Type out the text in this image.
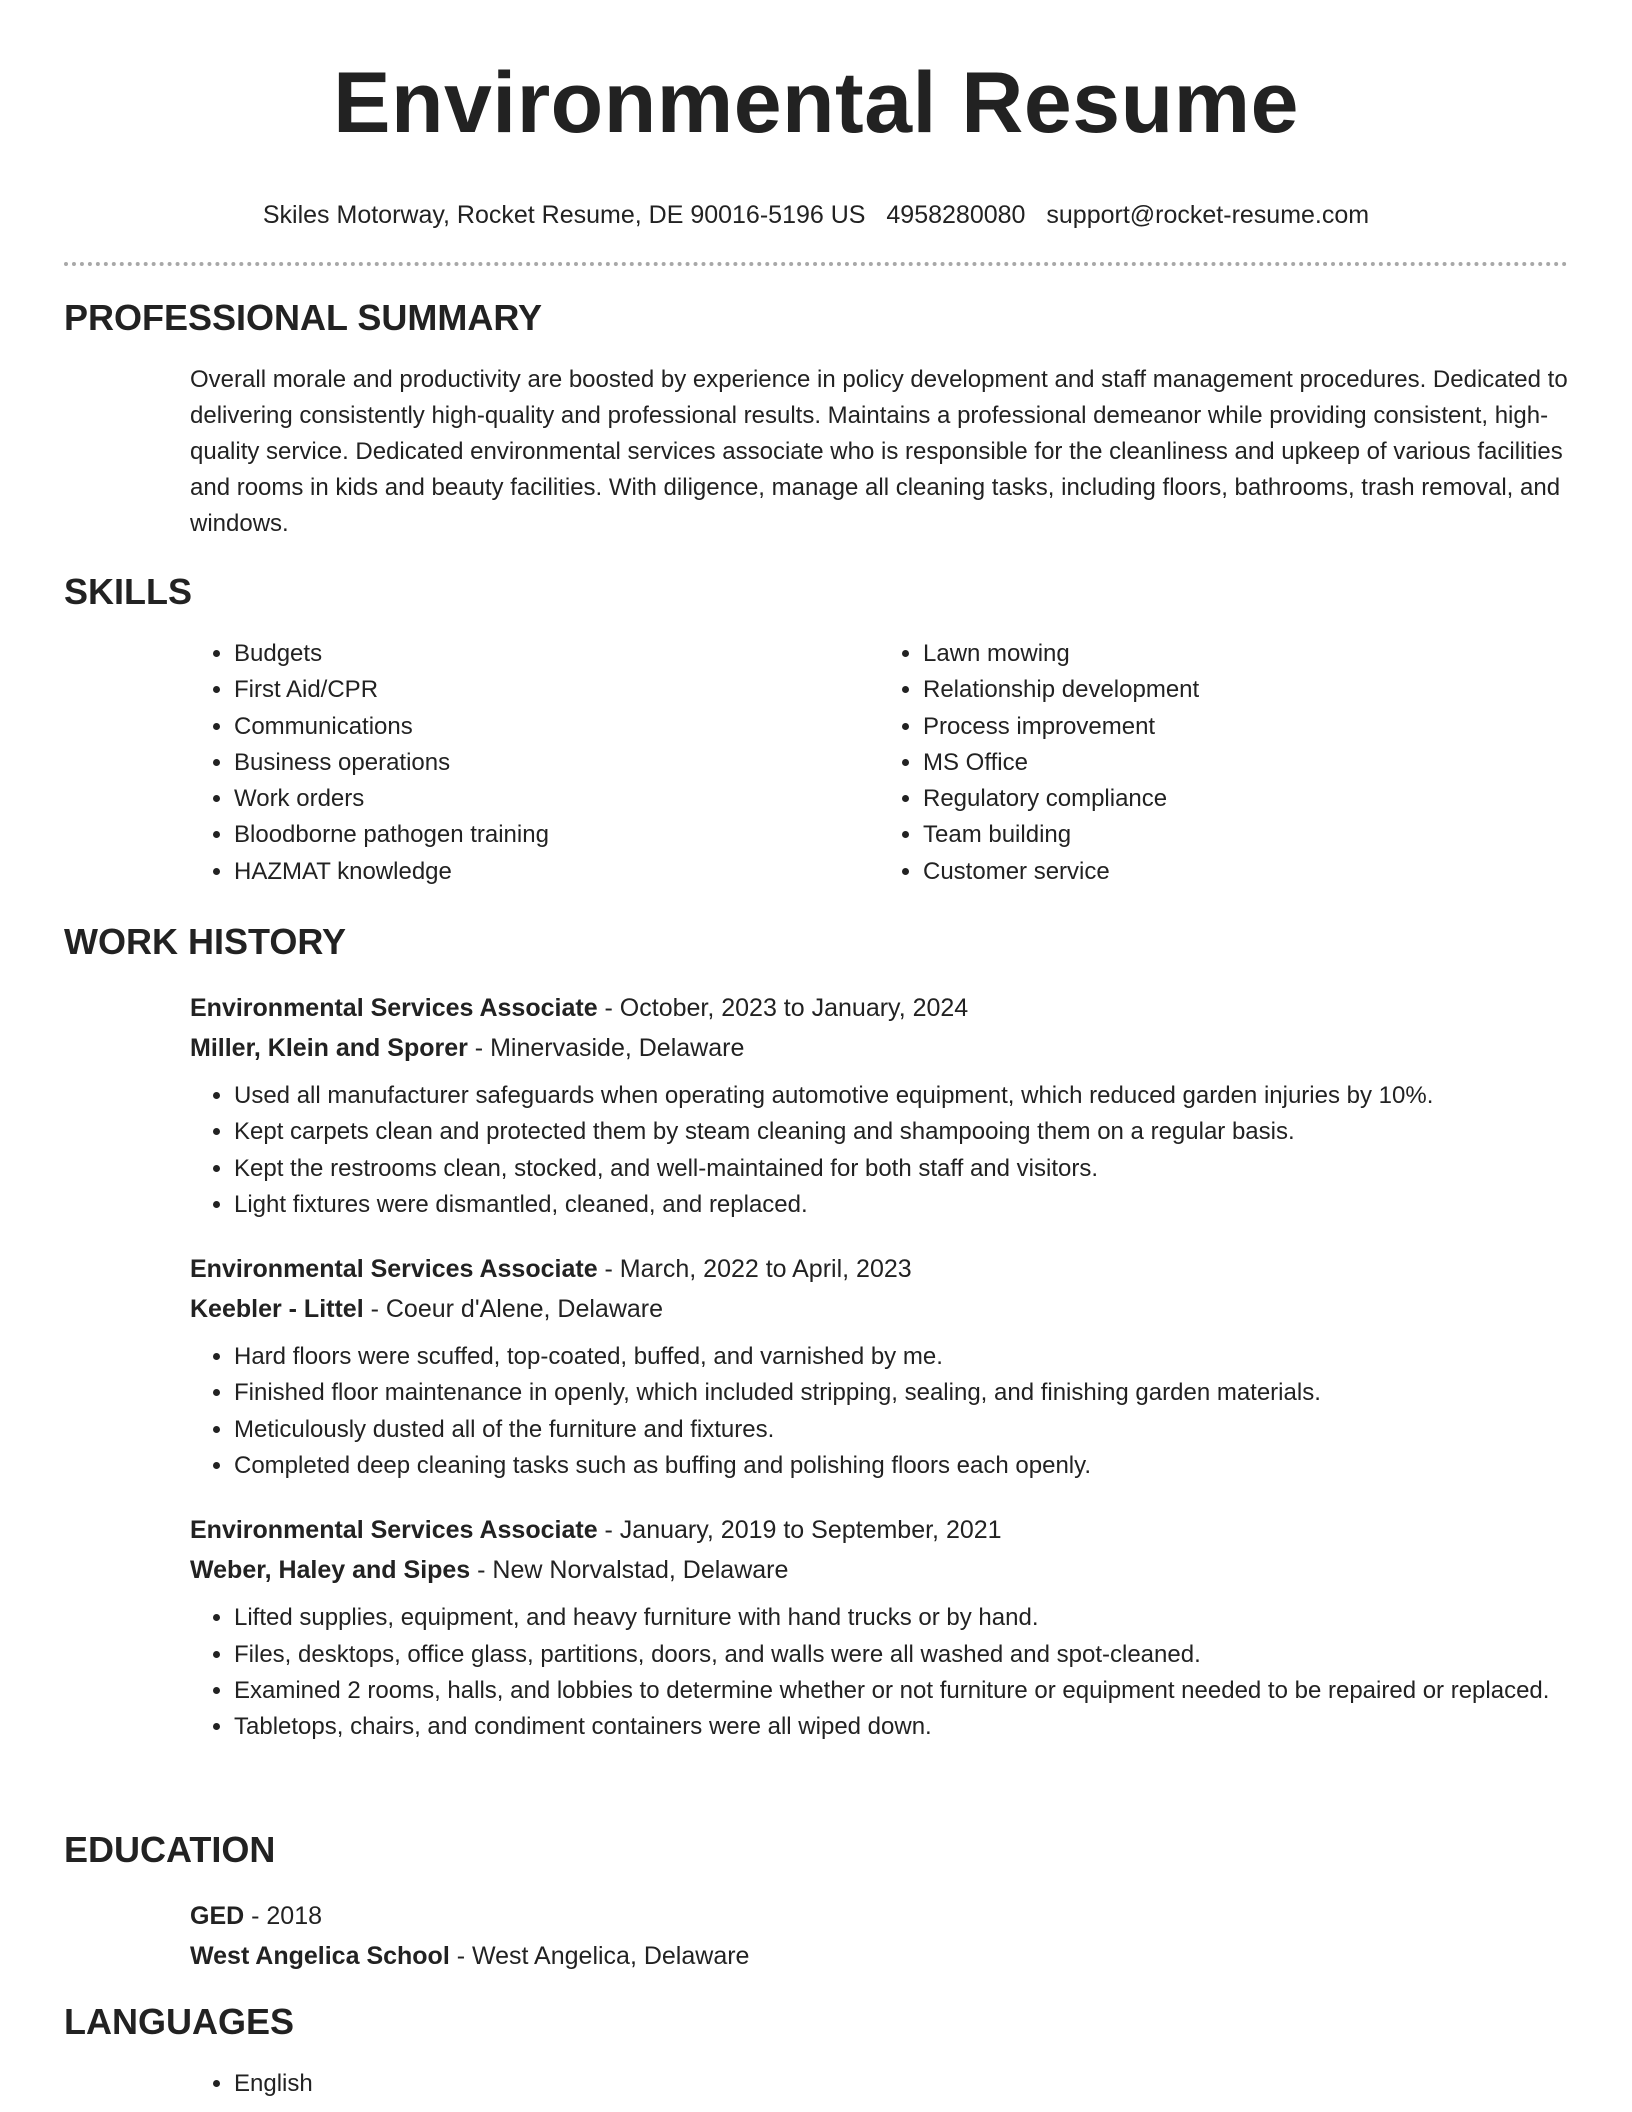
Environmental Resume
Skiles Motorway, Rocket Resume, DE 90016-5196 US 4958280080 support@rocket-resume.com
PROFESSIONAL SUMMARY
Overall morale and productivity are boosted by experience in policy development and staff management procedures. Dedicated to delivering consistently high-quality and professional results. Maintains a professional demeanor while providing consistent, high-quality service. Dedicated environmental services associate who is responsible for the cleanliness and upkeep of various facilities and rooms in kids and beauty facilities. With diligence, manage all cleaning tasks, including floors, bathrooms, trash removal, and windows.
SKILLS
• Budgets
• First Aid/CPR
• Communications
• Business operations
• Work orders
• Bloodborne pathogen training
• HAZMAT knowledge
• Lawn mowing
• Relationship development
• Process improvement
• MS Office
• Regulatory compliance
• Team building
• Customer service
WORK HISTORY
Environmental Services Associate - October, 2023 to January, 2024
Miller, Klein and Sporer - Minervaside, Delaware
• Used all manufacturer safeguards when operating automotive equipment, which reduced garden injuries by 10%.
• Kept carpets clean and protected them by steam cleaning and shampooing them on a regular basis.
• Kept the restrooms clean, stocked, and well-maintained for both staff and visitors.
• Light fixtures were dismantled, cleaned, and replaced.
Environmental Services Associate - March, 2022 to April, 2023
Keebler - Littel - Coeur d'Alene, Delaware
• Hard floors were scuffed, top-coated, buffed, and varnished by me.
• Finished floor maintenance in openly, which included stripping, sealing, and finishing garden materials.
• Meticulously dusted all of the furniture and fixtures.
• Completed deep cleaning tasks such as buffing and polishing floors each openly.
Environmental Services Associate - January, 2019 to September, 2021
Weber, Haley and Sipes - New Norvalstad, Delaware
• Lifted supplies, equipment, and heavy furniture with hand trucks or by hand.
• Files, desktops, office glass, partitions, doors, and walls were all washed and spot-cleaned.
• Examined 2 rooms, halls, and lobbies to determine whether or not furniture or equipment needed to be repaired or replaced.
• Tabletops, chairs, and condiment containers were all wiped down.
EDUCATION
GED - 2018
West Angelica School - West Angelica, Delaware
LANGUAGES
• English
